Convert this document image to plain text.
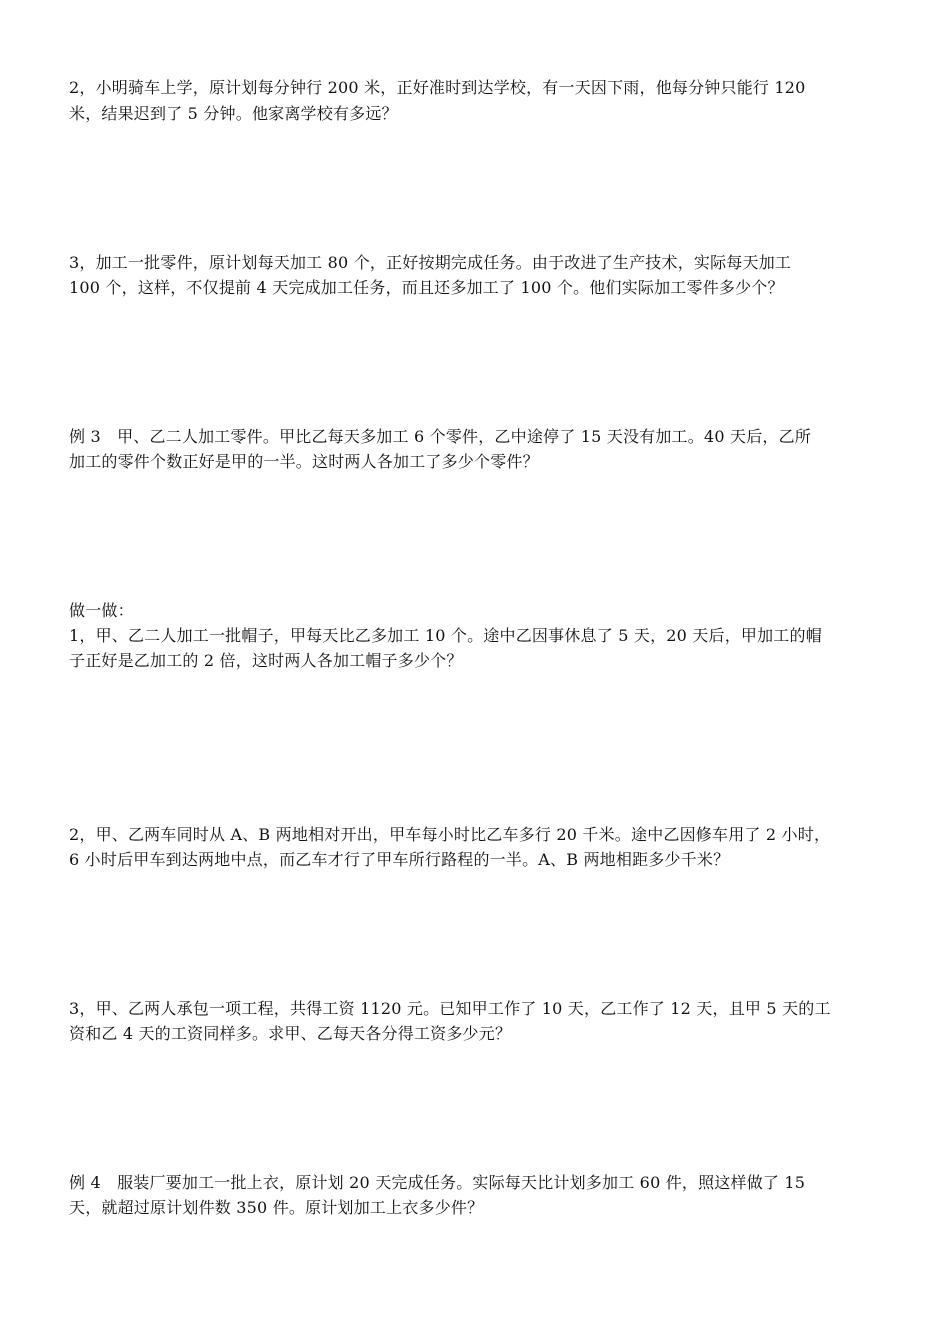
2，小明骑车上学，原计划每分钟行 200 米，正好准时到达学校，有一天因下雨，他每分钟只能行 120
米，结果迟到了 5 分钟。他家离学校有多远？
3，加工一批零件，原计划每天加工 80 个，正好按期完成任务。由于改进了生产技术，实际每天加工
100 个，这样，不仅提前 4 天完成加工任务，而且还多加工了 100 个。他们实际加工零件多少个？
例 3　甲、乙二人加工零件。甲比乙每天多加工 6 个零件，乙中途停了 15 天没有加工。40 天后，乙所
加工的零件个数正好是甲的一半。这时两人各加工了多少个零件？
做一做：
1，甲、乙二人加工一批帽子，甲每天比乙多加工 10 个。途中乙因事休息了 5 天，20 天后，甲加工的帽
子正好是乙加工的 2 倍，这时两人各加工帽子多少个？
2，甲、乙两车同时从 A、B 两地相对开出，甲车每小时比乙车多行 20 千米。途中乙因修车用了 2 小时，
6 小时后甲车到达两地中点，而乙车才行了甲车所行路程的一半。A、B 两地相距多少千米？
3，甲、乙两人承包一项工程，共得工资 1120 元。已知甲工作了 10 天，乙工作了 12 天，且甲 5 天的工
资和乙 4 天的工资同样多。求甲、乙每天各分得工资多少元？
例 4　服装厂要加工一批上衣，原计划 20 天完成任务。实际每天比计划多加工 60 件，照这样做了 15
天，就超过原计划件数 350 件。原计划加工上衣多少件？
